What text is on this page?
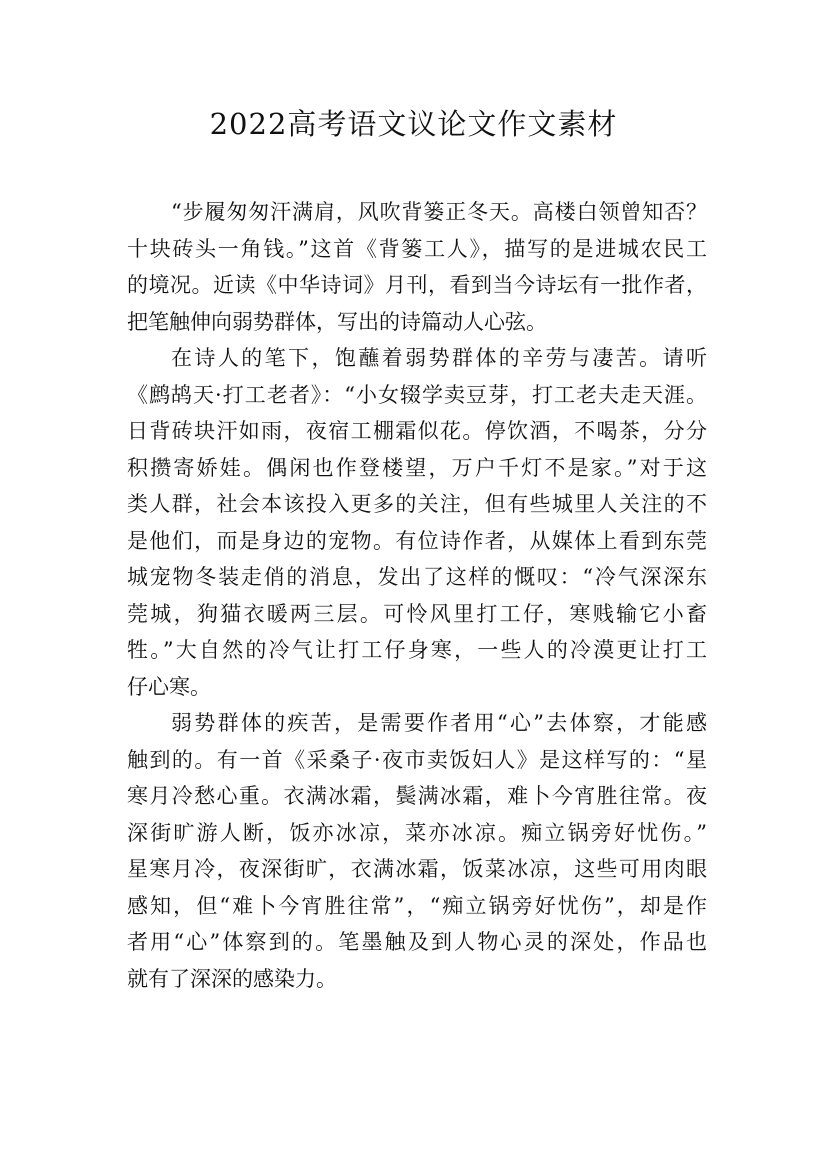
2022高考语文议论文作文素材
“步履匆匆汗满肩，风吹背篓正冬天。高楼白领曾知否？
十块砖头一角钱。”这首《背篓工人》，描写的是进城农民工
的境况。近读《中华诗词》月刊，看到当今诗坛有一批作者，
把笔触伸向弱势群体，写出的诗篇动人心弦。
在诗人的笔下，饱蘸着弱势群体的辛劳与凄苦。请听
《鹧鸪天·打工老者》：“小女辍学卖豆芽，打工老夫走天涯。
日背砖块汗如雨，夜宿工棚霜似花。停饮酒，不喝茶，分分
积攒寄娇娃。偶闲也作登楼望，万户千灯不是家。”对于这
类人群，社会本该投入更多的关注，但有些城里人关注的不
是他们，而是身边的宠物。有位诗作者，从媒体上看到东莞
城宠物冬装走俏的消息，发出了这样的慨叹：“冷气深深东
莞城，狗猫衣暖两三层。可怜风里打工仔，寒贱输它小畜
牲。”大自然的冷气让打工仔身寒，一些人的冷漠更让打工
仔心寒。
弱势群体的疾苦，是需要作者用“心”去体察，才能感
触到的。有一首《采桑子·夜市卖饭妇人》是这样写的：“星
寒月冷愁心重。衣满冰霜，鬓满冰霜，难卜今宵胜往常。夜
深街旷游人断，饭亦冰凉，菜亦冰凉。痴立锅旁好忧伤。”
星寒月冷，夜深街旷，衣满冰霜，饭菜冰凉，这些可用肉眼
感知，但“难卜今宵胜往常”，“痴立锅旁好忧伤”，却是作
者用“心”体察到的。笔墨触及到人物心灵的深处，作品也
就有了深深的感染力。
